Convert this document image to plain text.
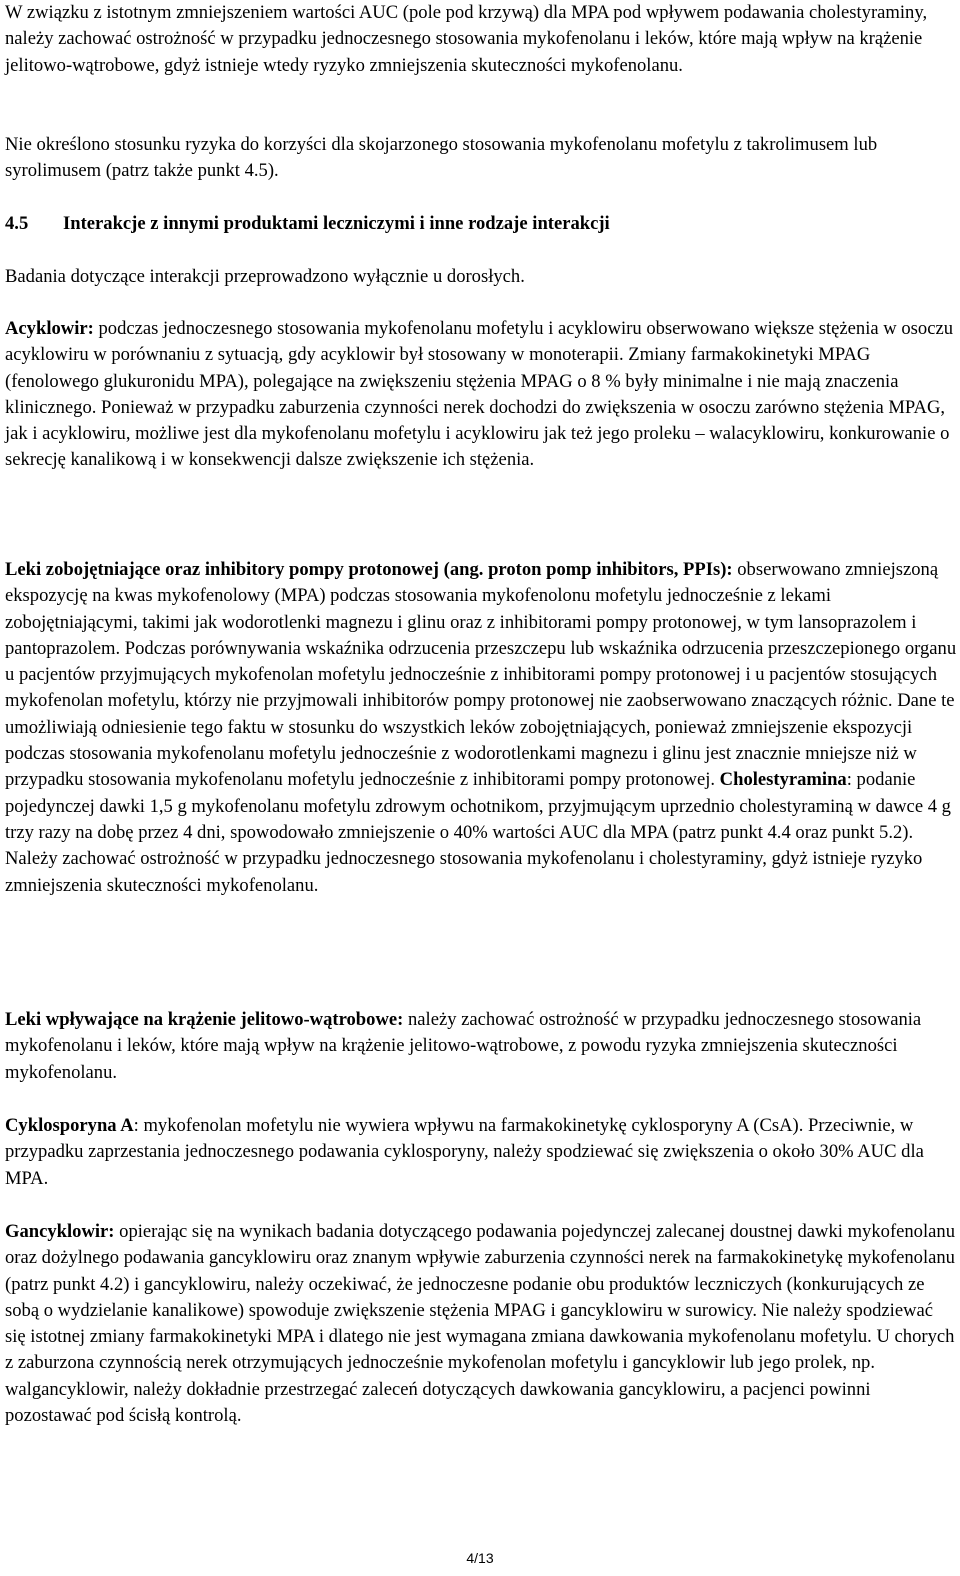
W związku z istotnym zmniejszeniem wartości AUC (pole pod krzywą) dla MPA pod wpływem podawania cholestyraminy, należy zachować ostrożność w przypadku jednoczesnego stosowania mykofenolanu i leków, które mają wpływ na krążenie jelitowo-wątrobowe, gdyż istnieje wtedy ryzyko zmniejszenia skuteczności mykofenolanu.

Nie określono stosunku ryzyka do korzyści dla skojarzonego stosowania mykofenolanu mofetylu z takrolimusem lub syrolimusem (patrz także punkt 4.5).

4.5 Interakcje z innymi produktami leczniczymi i inne rodzaje interakcji

Badania dotyczące interakcji przeprowadzono wyłącznie u dorosłych.

Acyklowir: podczas jednoczesnego stosowania mykofenolanu mofetylu i acyklowiru obserwowano większe stężenia w osoczu acyklowiru w porównaniu z sytuacją, gdy acyklowir był stosowany w monoterapii. Zmiany farmakokinetyki MPAG (fenolowego glukuronidu MPA), polegające na zwiększeniu stężenia MPAG o 8 % były minimalne i nie mają znaczenia klinicznego. Ponieważ w przypadku zaburzenia czynności nerek dochodzi do zwiększenia w osoczu zarówno stężenia MPAG, jak i acyklowiru, możliwe jest dla mykofenolanu mofetylu i acyklowiru jak też jego proleku – walacyklowiru, konkurowanie o sekrecję kanalikową i w konsekwencji dalsze zwiększenie ich stężenia.

Leki zobojętniające oraz inhibitory pompy protonowej (ang. proton pomp inhibitors, PPIs): obserwowano zmniejszoną ekspozycję na kwas mykofenolowy (MPA) podczas stosowania mykofenolonu mofetylu jednocześnie z lekami zobojętniającymi, takimi jak wodorotlenki magnezu i glinu oraz z inhibitorami pompy protonowej, w tym lansoprazolem i pantoprazolem. Podczas porównywania wskaźnika odrzucenia przeszczepu lub wskaźnika odrzucenia przeszczepionego organu u pacjentów przyjmujących mykofenolan mofetylu jednocześnie z inhibitorami pompy protonowej i u pacjentów stosujących mykofenolan mofetylu, którzy nie przyjmowali inhibitorów pompy protonowej nie zaobserwowano znaczących różnic. Dane te umożliwiają odniesienie tego faktu w stosunku do wszystkich leków zobojętniających, ponieważ zmniejszenie ekspozycji podczas stosowania mykofenolanu mofetylu jednocześnie z wodorotlenkami magnezu i glinu jest znacznie mniejsze niż w przypadku stosowania mykofenolanu mofetylu jednocześnie z inhibitorami pompy protonowej. Cholestyramina: podanie pojedynczej dawki 1,5 g mykofenolanu mofetylu zdrowym ochotnikom, przyjmującym uprzednio cholestyraminą w dawce 4 g trzy razy na dobę przez 4 dni, spowodowało zmniejszenie o 40% wartości AUC dla MPA (patrz punkt 4.4 oraz punkt 5.2). Należy zachować ostrożność w przypadku jednoczesnego stosowania mykofenolanu i cholestyraminy, gdyż istnieje ryzyko zmniejszenia skuteczności mykofenolanu.

Leki wpływające na krążenie jelitowo-wątrobowe: należy zachować ostrożność w przypadku jednoczesnego stosowania mykofenolanu i leków, które mają wpływ na krążenie jelitowo-wątrobowe, z powodu ryzyka zmniejszenia skuteczności mykofenolanu.

Cyklosporyna A: mykofenolan mofetylu nie wywiera wpływu na farmakokinetykę cyklosporyny A (CsA). Przeciwnie, w przypadku zaprzestania jednoczesnego podawania cyklosporyny, należy spodziewać się zwiększenia o około 30% AUC dla MPA.

Gancyklowir: opierając się na wynikach badania dotyczącego podawania pojedynczej zalecanej doustnej dawki mykofenolanu oraz dożylnego podawania gancyklowiru oraz znanym wpływie zaburzenia czynności nerek na farmakokinetykę mykofenolanu (patrz punkt 4.2) i gancyklowiru, należy oczekiwać, że jednoczesne podanie obu produktów leczniczych (konkurujących ze sobą o wydzielanie kanalikowe) spowoduje zwiększenie stężenia MPAG i gancyklowiru w surowicy. Nie należy spodziewać się istotnej zmiany farmakokinetyki MPA i dlatego nie jest wymagana zmiana dawkowania mykofenolanu mofetylu. U chorych z zaburzona czynnością nerek otrzymujących jednocześnie mykofenolan mofetylu i gancyklowir lub jego prolek, np. walgancyklowir, należy dokładnie przestrzegać zaleceń dotyczących dawkowania gancyklowiru, a pacjenci powinni pozostawać pod ścisłą kontrolą.

4/13
